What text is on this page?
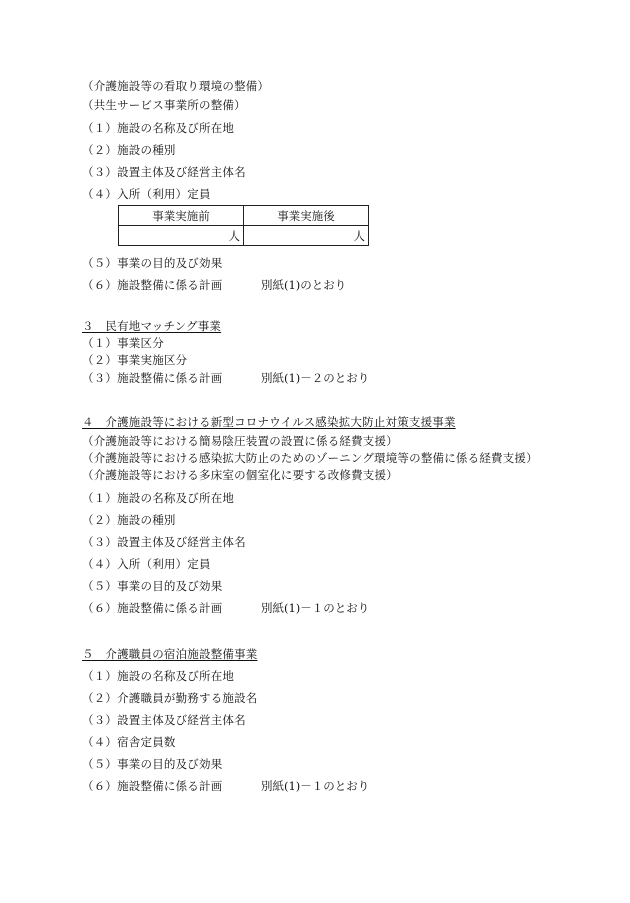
（介護施設等の看取り環境の整備）
（共生サービス事業所の整備）
（１）施設の名称及び所在地
（２）施設の種別
（３）設置主体及び経営主体名
（４）入所（利用）定員
事業実施前	事業実施後
人	人
（５）事業の目的及び効果
（６）施設整備に係る計画	別紙(1)のとおり
３　民有地マッチング事業
（１）事業区分
（２）事業実施区分
（３）施設整備に係る計画	別紙(1)－２のとおり
４　介護施設等における新型コロナウイルス感染拡大防止対策支援事業
（介護施設等における簡易陰圧装置の設置に係る経費支援）
（介護施設等における感染拡大防止のためのゾーニング環境等の整備に係る経費支援）
（介護施設等における多床室の個室化に要する改修費支援）
（１）施設の名称及び所在地
（２）施設の種別
（３）設置主体及び経営主体名
（４）入所（利用）定員
（５）事業の目的及び効果
（６）施設整備に係る計画	別紙(1)－１のとおり
５　介護職員の宿泊施設整備事業
（１）施設の名称及び所在地
（２）介護職員が勤務する施設名
（３）設置主体及び経営主体名
（４）宿舎定員数
（５）事業の目的及び効果
（６）施設整備に係る計画	別紙(1)－１のとおり
